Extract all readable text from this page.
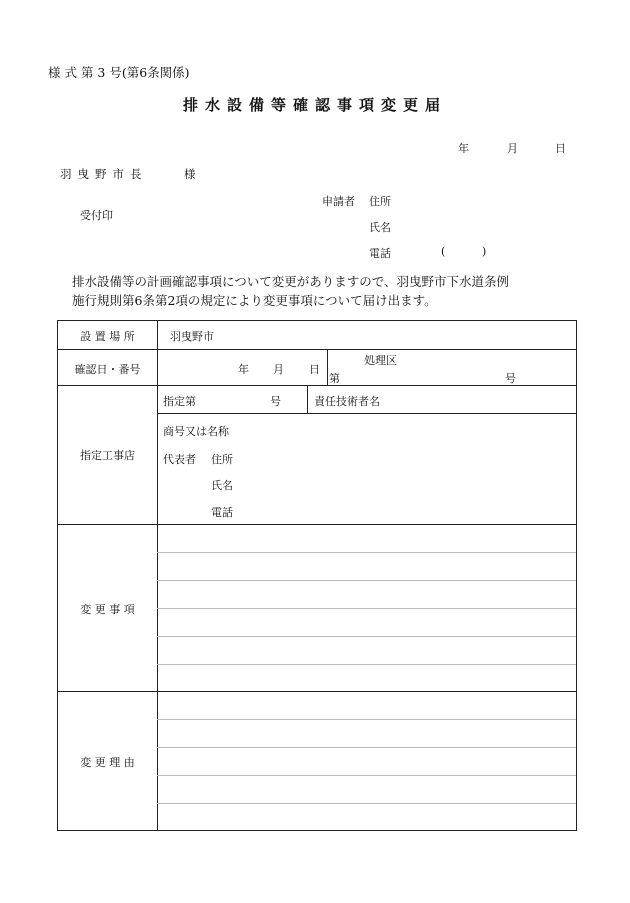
様 式 第 3 号(第6条関係)
排水設備等確認事項変更届
年	月	日
羽曳野市長	様
受付印
申請者 住所
氏名
電話	(	)
排水設備等の計画確認事項について変更がありますので、羽曳野市下水道条例
施行規則第6条第2項の規定により変更事項について届け出ます。
設 置 場 所	羽曳野市
確認日・番号	年 月 日
処理区
第	号
指定工事店
指定第	号	責任技術者名
商号又は名称
代表者 住所
氏名
電話
変 更 事 項
変 更 理 由
